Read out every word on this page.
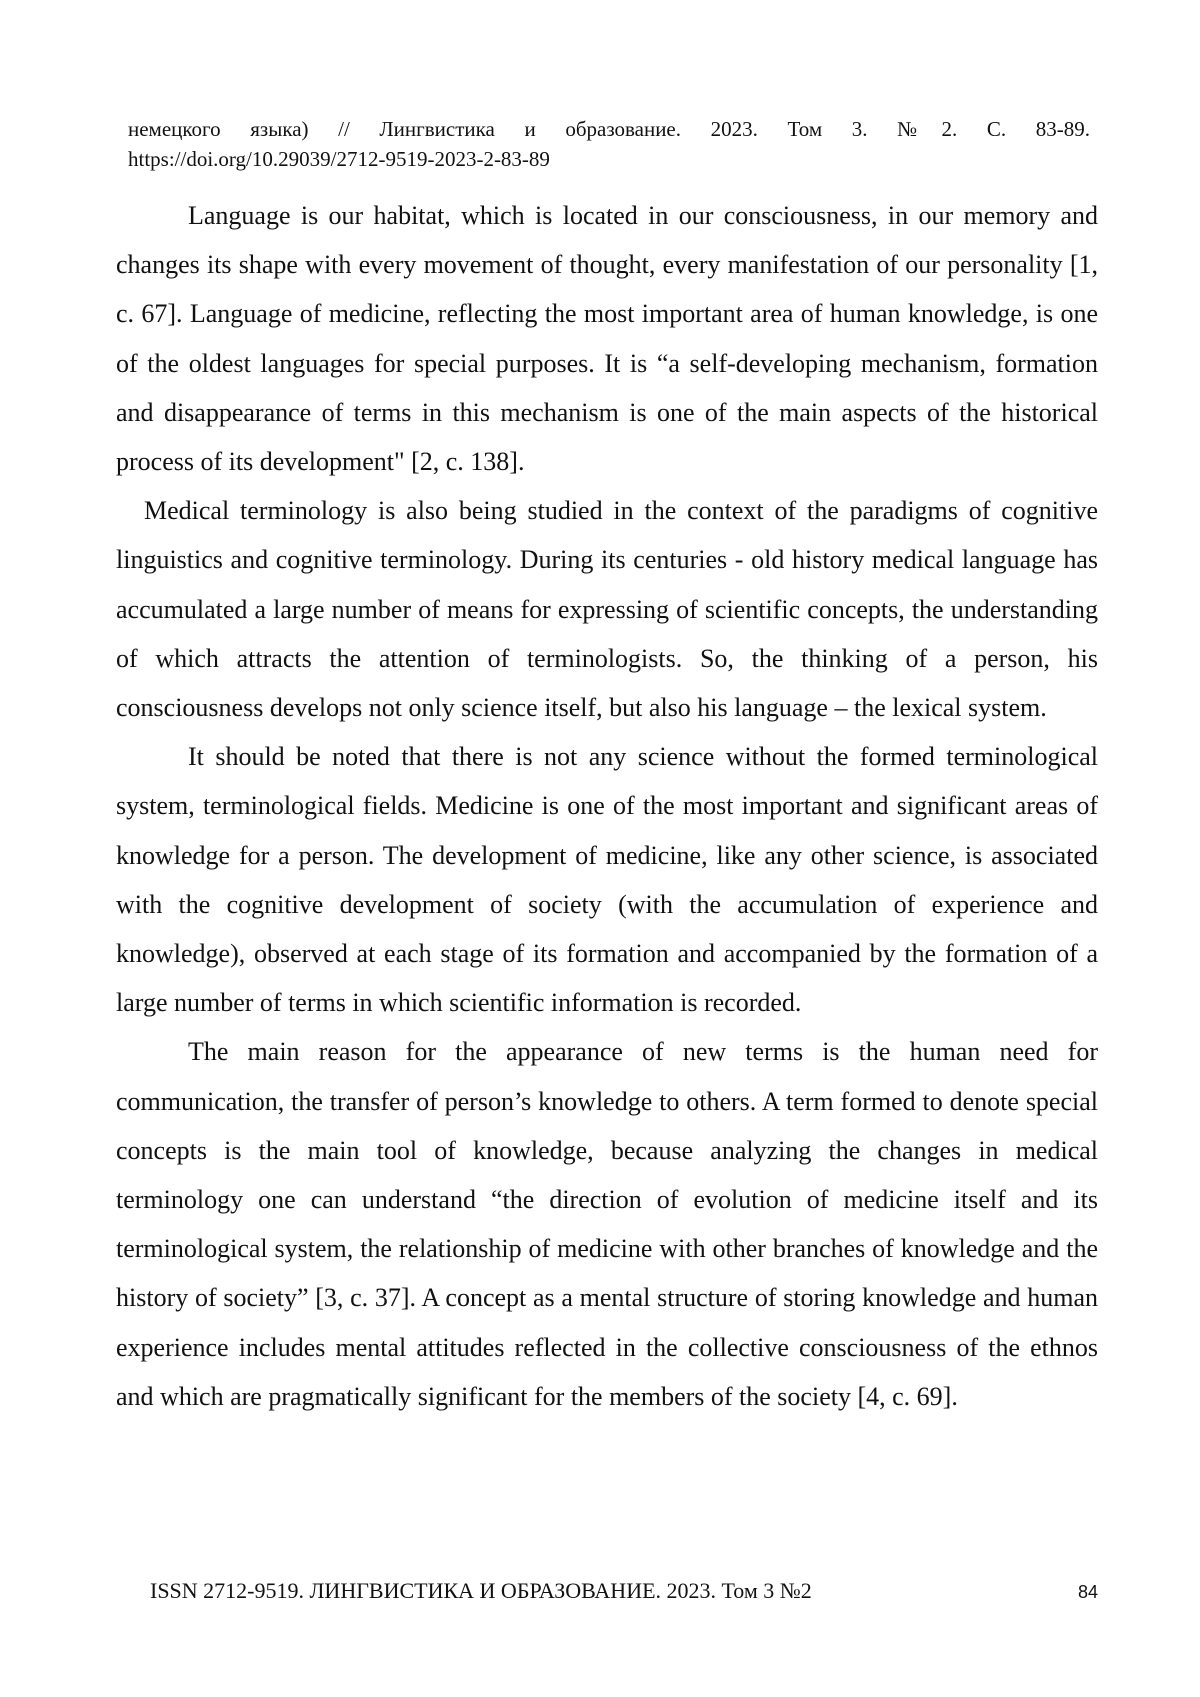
немецкого языка) // Лингвистика и образование. 2023. Том 3. №2. С. 83-89.
https://doi.org/10.29039/2712-9519-2023-2-83-89

Language is our habitat, which is located in our consciousness, in our memory and changes its shape with every movement of thought, every manifestation of our personality [1, с. 67]. Language of medicine, reflecting the most important area of human knowledge, is one of the oldest languages for special purposes. It is “a self-developing mechanism, formation and disappearance of terms in this mechanism is one of the main aspects of the historical process of its development" [2, с. 138].

Medical terminology is also being studied in the context of the paradigms of cognitive linguistics and cognitive terminology. During its centuries - old history medical language has accumulated a large number of means for expressing of scientific concepts, the understanding of which attracts the attention of terminologists. So, the thinking of a person, his consciousness develops not only science itself, but also his language – the lexical system.

It should be noted that there is not any science without the formed terminological system, terminological fields. Medicine is one of the most important and significant areas of knowledge for a person. The development of medicine, like any other science, is associated with the cognitive development of society (with the accumulation of experience and knowledge), observed at each stage of its formation and accompanied by the formation of a large number of terms in which scientific information is recorded.

The main reason for the appearance of new terms is the human need for communication, the transfer of person’s knowledge to others. A term formed to denote special concepts is the main tool of knowledge, because analyzing the changes in medical terminology one can understand “the direction of evolution of medicine itself and its terminological system, the relationship of medicine with other branches of knowledge and the history of society” [3, с. 37]. A concept as a mental structure of storing knowledge and human experience includes mental attitudes reflected in the collective consciousness of the ethnos and which are pragmatically significant for the members of the society [4, с. 69].

ISSN 2712-9519. ЛИНГВИСТИКА И ОБРАЗОВАНИЕ. 2023. Том 3 №2	84
